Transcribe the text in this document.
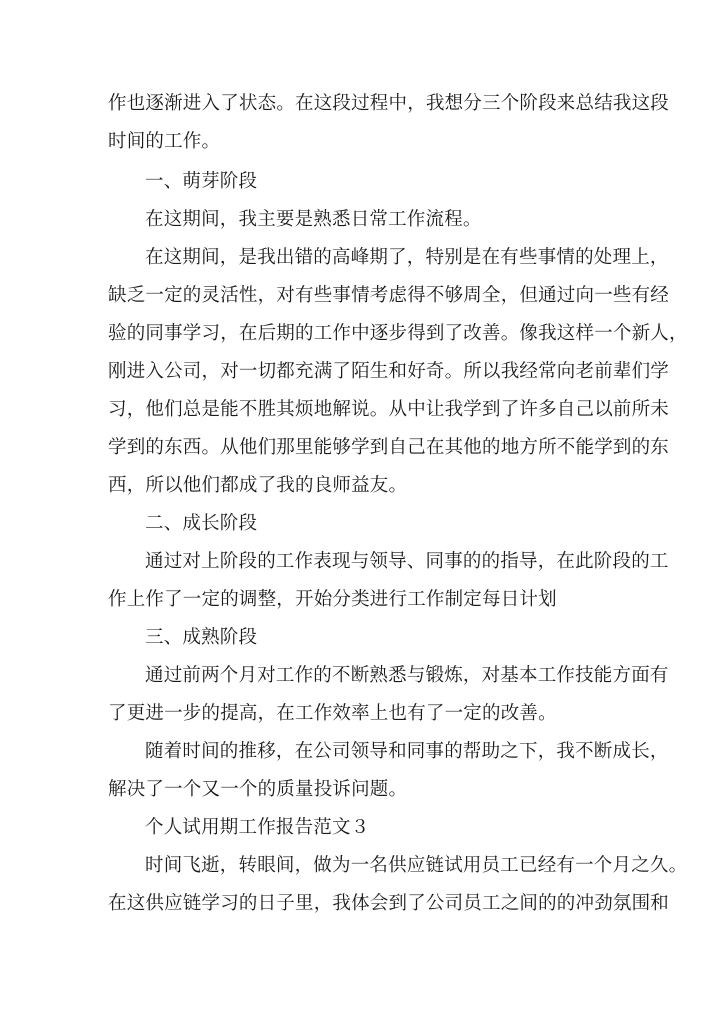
作也逐渐进入了状态。在这段过程中，我想分三个阶段来总结我这段

时间的工作。

一、萌芽阶段

在这期间，我主要是熟悉日常工作流程。

在这期间，是我出错的高峰期了，特别是在有些事情的处理上，

缺乏一定的灵活性，对有些事情考虑得不够周全，但通过向一些有经

验的同事学习，在后期的工作中逐步得到了改善。像我这样一个新人，

刚进入公司，对一切都充满了陌生和好奇。所以我经常向老前辈们学

习，他们总是能不胜其烦地解说。从中让我学到了许多自己以前所未

学到的东西。从他们那里能够学到自己在其他的地方所不能学到的东

西，所以他们都成了我的良师益友。

二、成长阶段

通过对上阶段的工作表现与领导、同事的的指导，在此阶段的工

作上作了一定的调整，开始分类进行工作制定每日计划

三、成熟阶段

通过前两个月对工作的不断熟悉与锻炼，对基本工作技能方面有

了更进一步的提高，在工作效率上也有了一定的改善。

随着时间的推移，在公司领导和同事的帮助之下，我不断成长，

解决了一个又一个的质量投诉问题。

个人试用期工作报告范文３

时间飞逝，转眼间，做为一名供应链试用员工已经有一个月之久。

在这供应链学习的日子里，我体会到了公司员工之间的的冲劲氛围和
